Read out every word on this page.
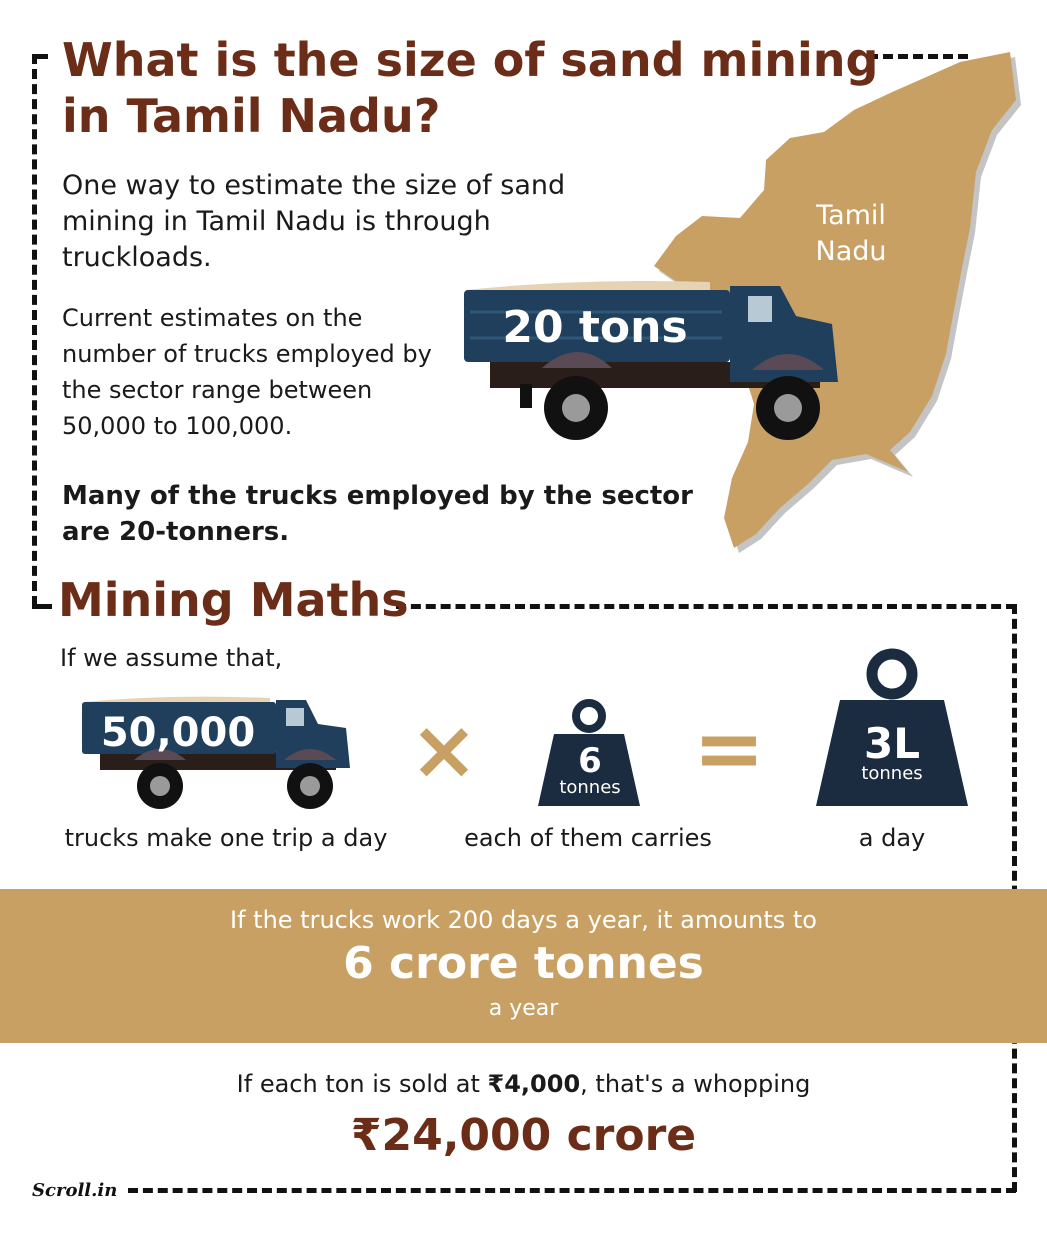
Tamil Nadu
What is the size of sand mining in Tamil Nadu?
One way to estimate the size of sand mining in Tamil Nadu is through truckloads.
Current estimates on the number of trucks employed by the sector range between 50,000 to 100,000.
Many of the trucks employed by the sector are 20-tonners.
20 tons
Mining Maths
If we assume that,
50,000
trucks make one trip a day
×	6
tonnes
each of them carries
=	3L
tonnes
a day
If the trucks work 200 days a year, it amounts to
6 crore tonnes
a year
If each ton is sold at ₹4,000, that's a whopping
₹24,000 crore
Scroll.in
